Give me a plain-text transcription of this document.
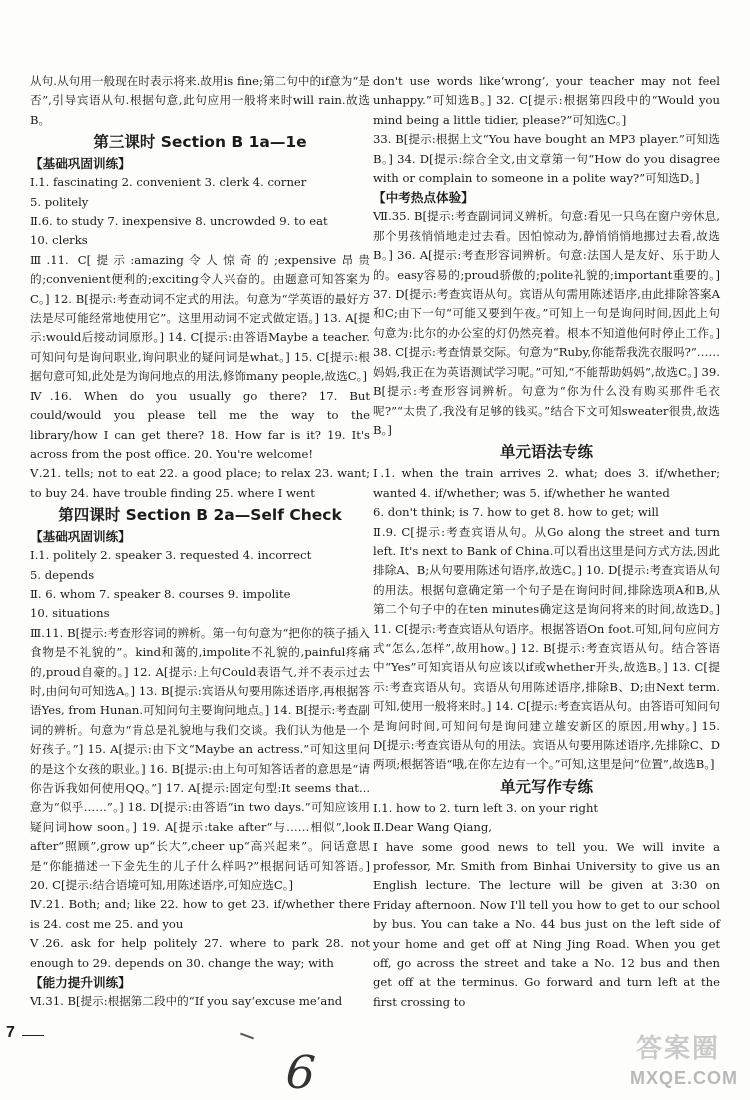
从句.从句用一般现在时表示将来.故用is fine;第二句中的if意为“是否”,引导宾语从句.根据句意,此句应用一般将来时will rain.故选B。
第三课时 Section B 1a—1e
【基础巩固训练】
Ⅰ.1. fascinating 2. convenient 3. clerk 4. corner
5. politely
Ⅱ.6. to study 7. inexpensive 8. uncrowded 9. to eat
10. clerks
Ⅲ.11. C[提示:amazing令人惊奇的;expensive昂贵的;convenient便利的;exciting令人兴奋的。由题意可知答案为C。] 12. B[提示:考查动词不定式的用法。句意为“学英语的最好方法是尽可能经常地使用它”。这里用动词不定式做定语。] 13. A[提示:would后接动词原形。] 14. C[提示:由答语Maybe a teacher.可知问句是询问职业,询问职业的疑问词是what。] 15. C[提示:根据句意可知,此处是为询问地点的用法,修饰many people,故选C。]
Ⅳ.16. When do you usually go there? 17. But could/would you please tell me the way to the library/how I can get there? 18. How far is it? 19. It's across from the post office. 20. You're welcome!
Ⅴ.21. tells; not to eat 22. a good place; to relax 23. want; to buy 24. have trouble finding 25. where I went
第四课时 Section B 2a—Self Check
【基础巩固训练】
Ⅰ.1. politely 2. speaker 3. requested 4. incorrect
5. depends
Ⅱ. 6. whom 7. speaker 8. courses 9. impolite
10. situations
Ⅲ.11. B[提示:考查形容词的辨析。第一句句意为“把你的筷子插入食物是不礼貌的”。kind和蔼的,impolite不礼貌的,painful疼痛的,proud自豪的。] 12. A[提示:上句Could表语气,并不表示过去时,由问句可知选A。] 13. B[提示:宾语从句要用陈述语序,再根据答语Yes, from Hunan.可知问句主要询问地点。] 14. B[提示:考查副词的辨析。句意为“肯总是礼貌地与我们交谈。我们认为他是一个好孩子。”] 15. A[提示:由下文“Maybe an actress.”可知这里问的是这个女孩的职业。] 16. B[提示:由上句可知答话者的意思是“请你告诉我如何使用QQ。”] 17. A[提示:固定句型:It seems that...意为“似乎……”。] 18. D[提示:由答语“in two days.”可知应该用疑问词how soon。] 19. A[提示:take after“与……相似”,look after“照顾”,grow up“长大”,cheer up“高兴起来”。问话意思是“你能描述一下金先生的儿子什么样吗?”根据问话可知答语。] 20. C[提示:结合语境可知,用陈述语序,可知应选C。]
Ⅳ.21. Both; and; like 22. how to get 23. if/whether there is 24. cost me 25. and you
Ⅴ.26. ask for help politely 27. where to park 28. not enough to 29. depends on 30. change the way; with
【能力提升训练】
Ⅵ.31. B[提示:根据第二段中的“If you say‘excuse me’and
don't use words like‘wrong’, your teacher may not feel unhappy.”可知选B。] 32. C[提示:根据第四段中的“Would you mind being a little tidier, please?”可知选C。]
33. B[提示:根据上文“You have bought an MP3 player.”可知选B。] 34. D[提示:综合全文,由文章第一句“How do you disagree with or complain to someone in a polite way?”可知选D。]
【中考热点体验】
Ⅶ.35. B[提示:考查副词词义辨析。句意:看见一只鸟在窗户旁休息,那个男孩悄悄地走过去看。因怕惊动为,静悄悄悄地挪过去看,故选B。] 36. A[提示:考查形容词辨析。句意:法国人是友好、乐于助人的。easy容易的;proud骄傲的;polite礼貌的;important重要的。] 37. D[提示:考查宾语从句。宾语从句需用陈述语序,由此排除答案A和C;由下一句“可能又要到午夜。”可知上一句是询问时间,因此上句句意为:比尔的办公室的灯仍然亮着。根本不知道他何时停止工作。] 38. C[提示:考查情景交际。句意为“Ruby,你能帮我洗衣服吗?”……妈妈,我正在为英语测试学习呢。”可知,“不能帮助妈妈”,故选C。] 39. B[提示:考查形容词辨析。句意为“你为什么没有购买那件毛衣呢?”“太贵了,我没有足够的钱买。”结合下文可知sweater很贵,故选B。]
单元语法专练
Ⅰ.1. when the train arrives 2. what; does 3. if/whether; wanted 4. if/whether; was 5. if/whether he wanted
6. don't think; is 7. how to get 8. how to get; will
Ⅱ.9. C[提示:考查宾语从句。从Go along the street and turn left. It's next to Bank of China.可以看出这里是问方式方法,因此排除A、B;从句要用陈述句语序,故选C。] 10. D[提示:考查宾语从句的用法。根据句意确定第一个句子是在询问时间,排除选项A和B,从第二个句子中的在ten minutes确定这是询问将来的时间,故选D。] 11. C[提示:考查宾语从句语序。根据答语On foot.可知,问句应问方式“怎么,怎样”,故用how。] 12. B[提示:考查宾语从句。结合答语中“Yes”可知宾语从句应该以if或whether开头,故选B。] 13. C[提示:考查宾语从句。宾语从句用陈述语序,排除B、D;由Next term.可知,使用一般将来时。] 14. C[提示:考查宾语从句。由答语可知问句是询问时间,可知问句是询问建立雄安新区的原因,用why。] 15. D[提示:考查宾语从句的用法。宾语从句要用陈述语序,先排除C、D两项;根据答语“哦,在你左边有一个。”可知,这里是问“位置”,故选B。]
单元写作专练
Ⅰ.1. how to 2. turn left 3. on your right
Ⅱ.Dear Wang Qiang,
I have some good news to tell you. We will invite a professor, Mr. Smith from Binhai University to give us an English lecture. The lecture will be given at 3:30 on Friday afternoon. Now I'll tell you how to get to our school by bus. You can take a No. 44 bus just on the left side of your home and get off at Ning Jing Road. When you get off, go across the street and take a No. 12 bus and then get off at the terminus. Go forward and turn left at the first crossing to
7
6	答案圈
MXQE.COM
